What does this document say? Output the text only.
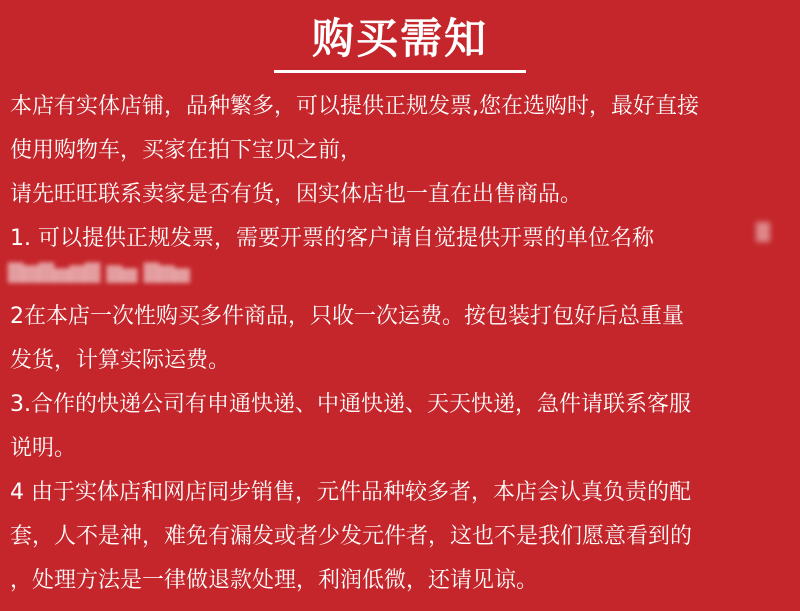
购买需知
本店有实体店铺，品种繁多，可以提供正规发票,您在选购时，最好直接
使用购物车，买家在拍下宝贝之前，
请先旺旺联系卖家是否有货，因实体店也一直在出售商品。
1. 可以提供正规发票，需要开票的客户请自觉提供开票的单位名称
▇▆▇▅▆▇ ▆▅ ▇▆▅
2在本店一次性购买多件商品，只收一次运费。按包装打包好后总重量
发货，计算实际运费。
3.合作的快递公司有申通快递、中通快递、天天快递，急件请联系客服
说明。
4 由于实体店和网店同步销售，元件品种较多者，本店会认真负责的配
套，人不是神，难免有漏发或者少发元件者，这也不是我们愿意看到的
，处理方法是一律做退款处理，利润低微，还请见谅。
